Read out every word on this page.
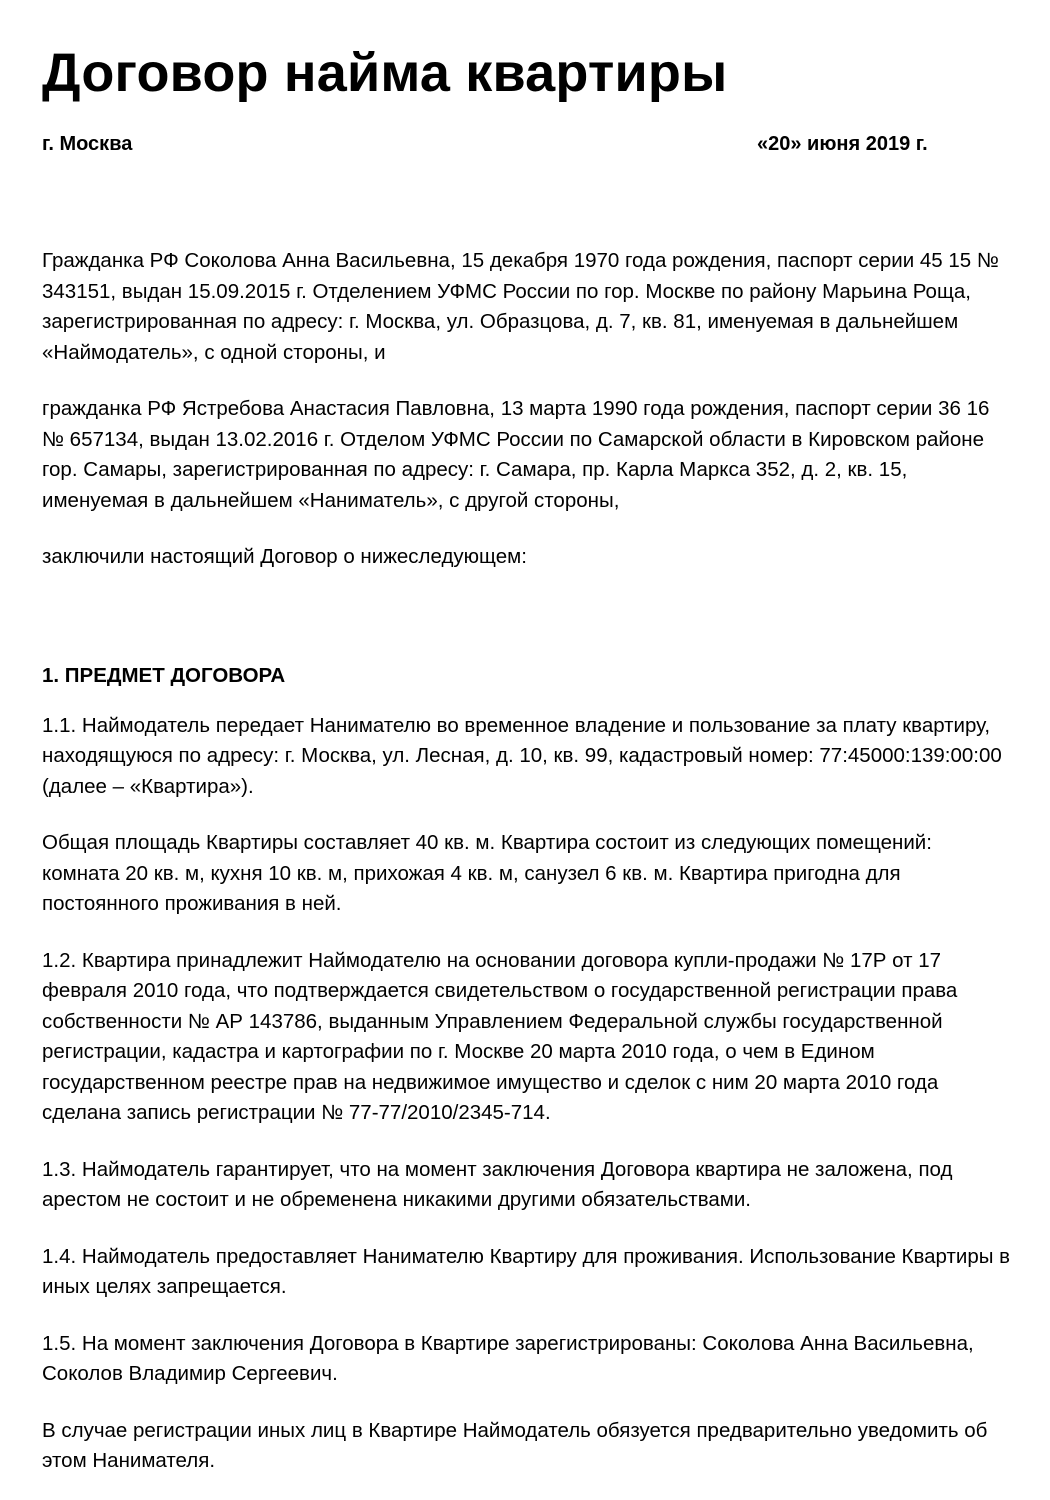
Договор найма квартиры
г. Москва	«20» июня 2019 г.

Гражданка РФ Соколова Анна Васильевна, 15 декабря 1970 года рождения, паспорт серии 45 15 № 343151, выдан 15.09.2015 г. Отделением УФМС России по гор. Москве по району Марьина Роща, зарегистрированная по адресу: г. Москва, ул. Образцова, д. 7, кв. 81, именуемая в дальнейшем «Наймодатель», с одной стороны, и

гражданка РФ Ястребова Анастасия Павловна, 13 марта 1990 года рождения, паспорт серии 36 16 № 657134, выдан 13.02.2016 г. Отделом УФМС России по Самарской области в Кировском районе гор. Самары, зарегистрированная по адресу: г. Самара, пр. Карла Маркса 352, д. 2, кв. 15, именуемая в дальнейшем «Наниматель», с другой стороны,

заключили настоящий Договор о нижеследующем:

1. ПРЕДМЕТ ДОГОВОРА

1.1. Наймодатель передает Нанимателю во временное владение и пользование за плату квартиру, находящуюся по адресу: г. Москва, ул. Лесная, д. 10, кв. 99, кадастровый номер: 77:45000:139:00:00 (далее – «Квартира»).

Общая площадь Квартиры составляет 40 кв. м. Квартира состоит из следующих помещений: комната 20 кв. м, кухня 10 кв. м, прихожая 4 кв. м, санузел 6 кв. м. Квартира пригодна для постоянного проживания в ней.

1.2. Квартира принадлежит Наймодателю на основании договора купли-продажи № 17Р от 17 февраля 2010 года, что подтверждается свидетельством о государственной регистрации права собственности № АР 143786, выданным Управлением Федеральной службы государственной регистрации, кадастра и картографии по г. Москве 20 марта 2010 года, о чем в Едином государственном реестре прав на недвижимое имущество и сделок с ним 20 марта 2010 года сделана запись регистрации № 77-77/2010/2345-714.

1.3. Наймодатель гарантирует, что на момент заключения Договора квартира не заложена, под арестом не состоит и не обременена никакими другими обязательствами.

1.4. Наймодатель предоставляет Нанимателю Квартиру для проживания. Использование Квартиры в иных целях запрещается.

1.5. На момент заключения Договора в Квартире зарегистрированы: Соколова Анна Васильевна, Соколов Владимир Сергеевич.

В случае регистрации иных лиц в Квартире Наймодатель обязуется предварительно уведомить об этом Нанимателя.
